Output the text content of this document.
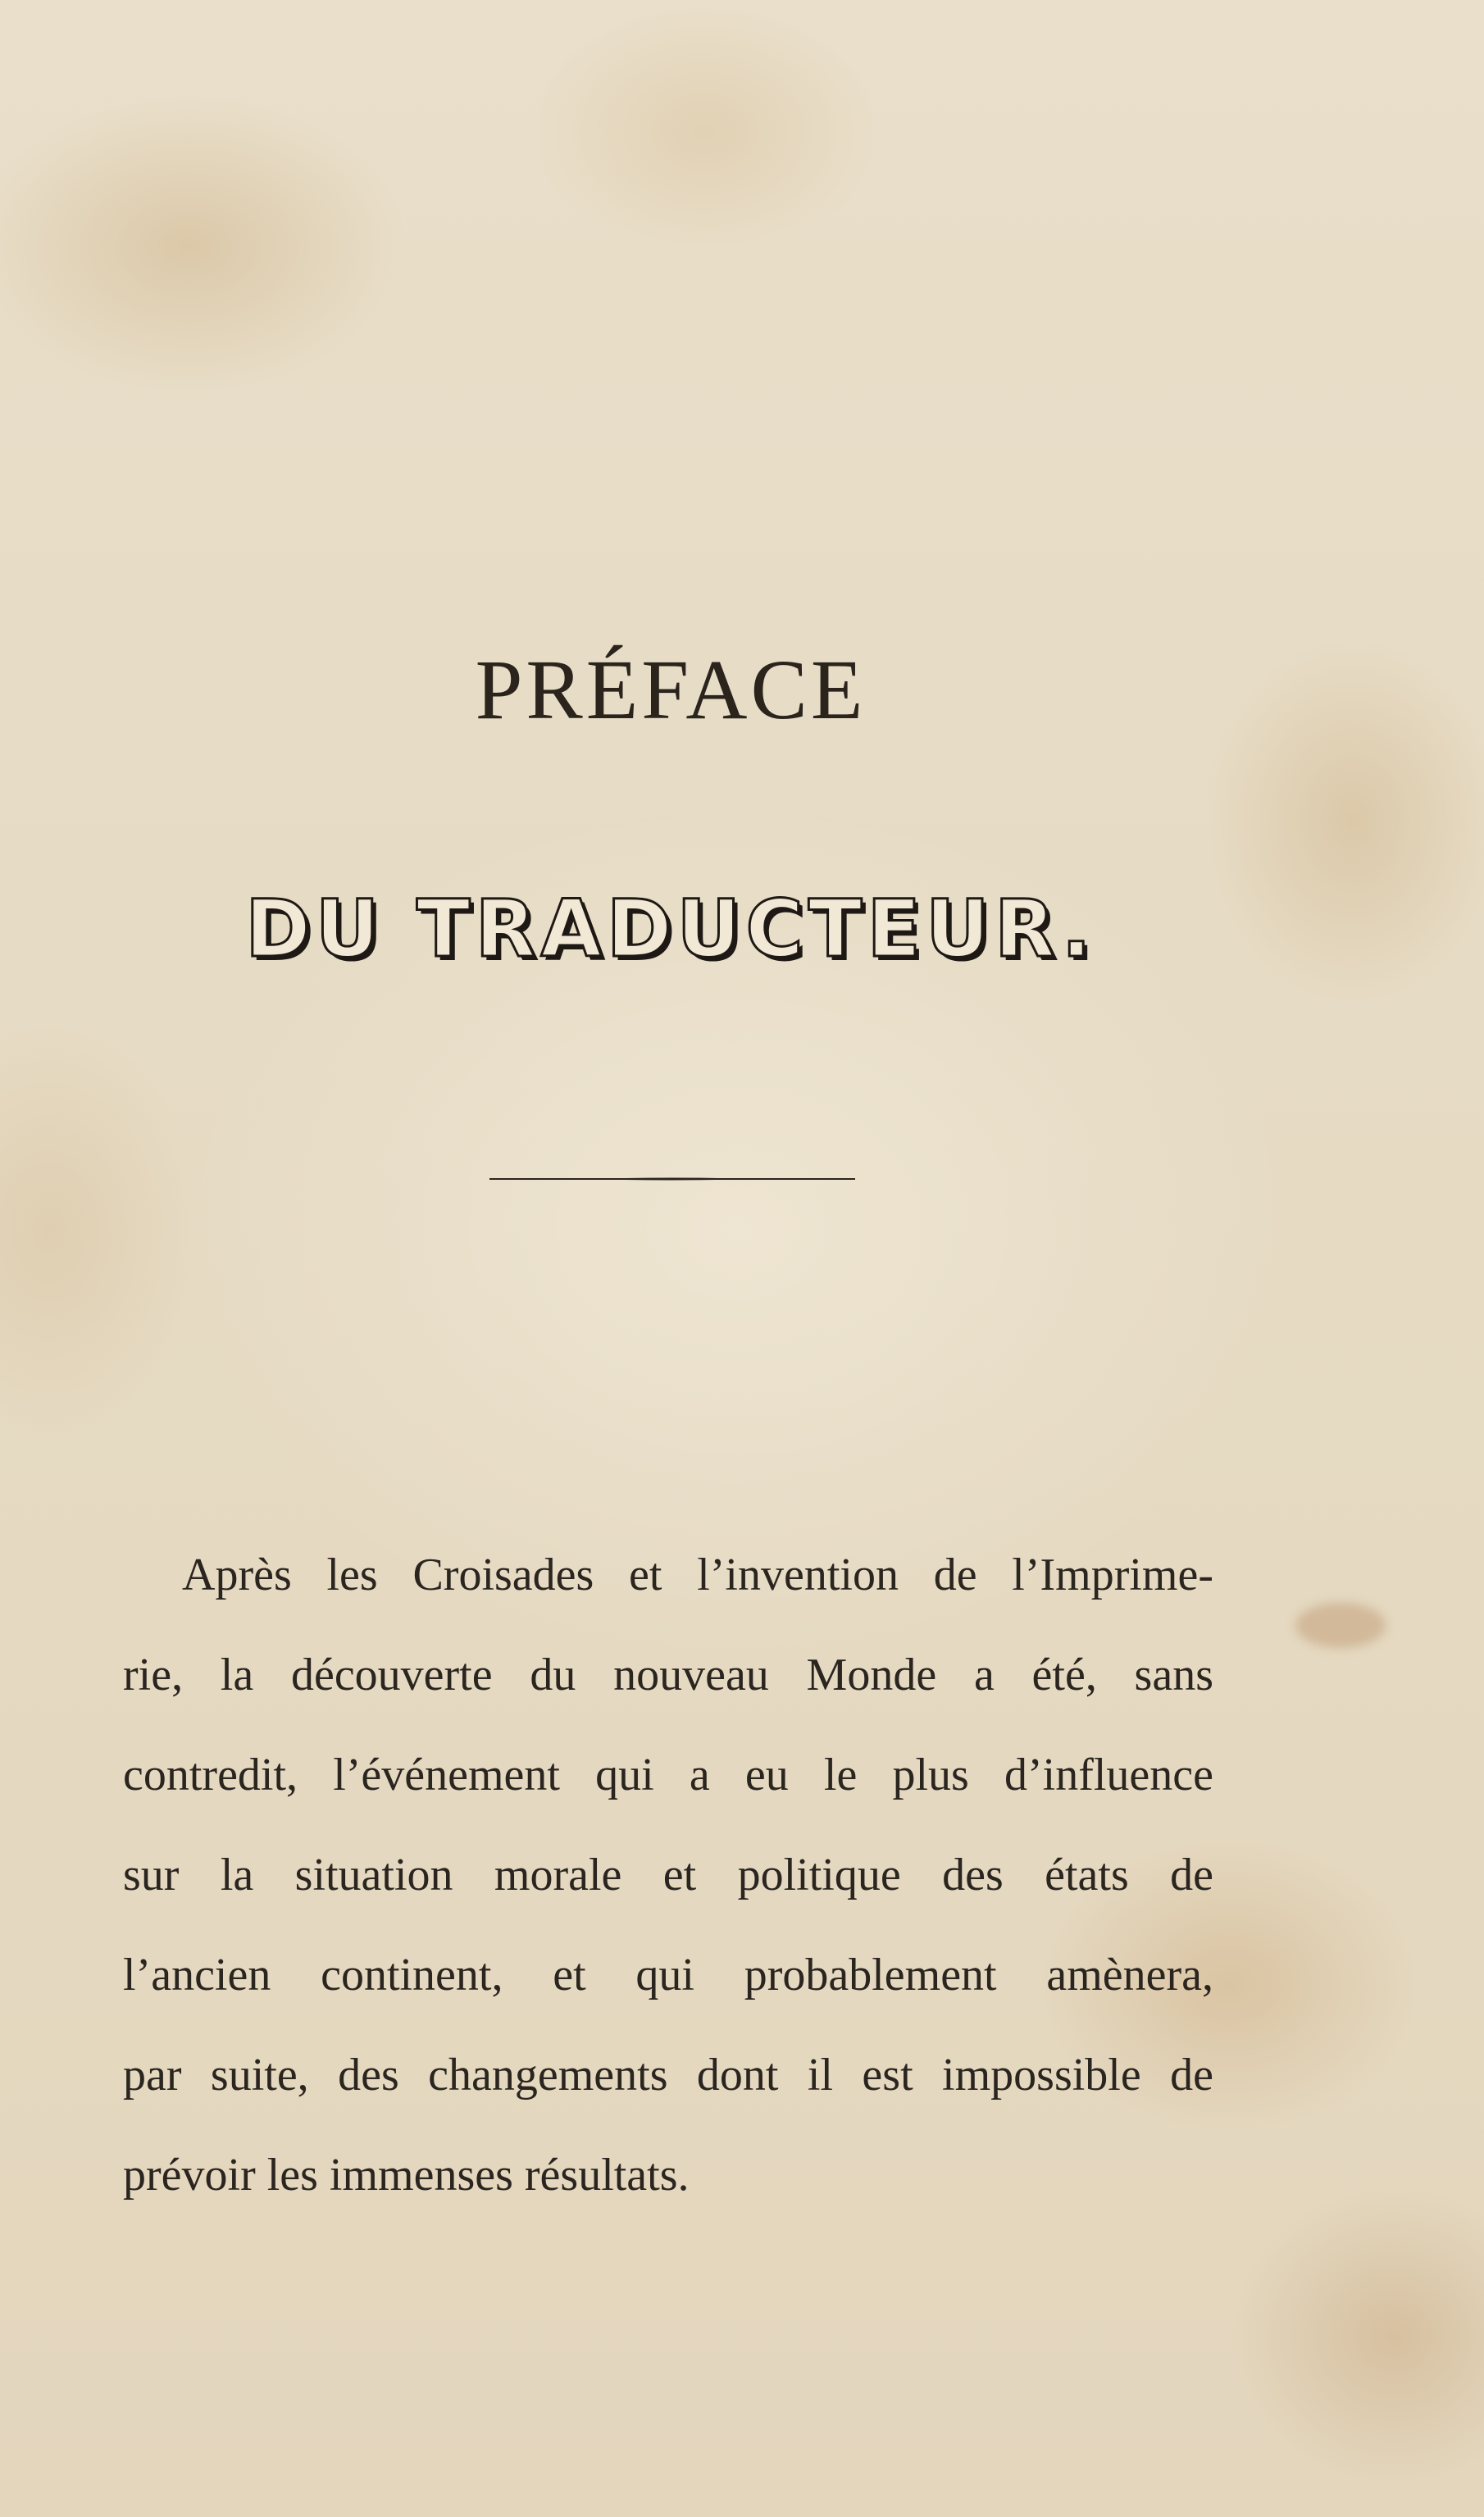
PRÉFACE
DU TRADUCTEUR.

Après les Croisades et l’invention de l’Imprime-
rie, la découverte du nouveau Monde a été, sans
contredit, l’événement qui a eu le plus d’influence
sur la situation morale et politique des états de
l’ancien continent, et qui probablement amènera,
par suite, des changements dont il est impossible de
prévoir les immenses résultats.
